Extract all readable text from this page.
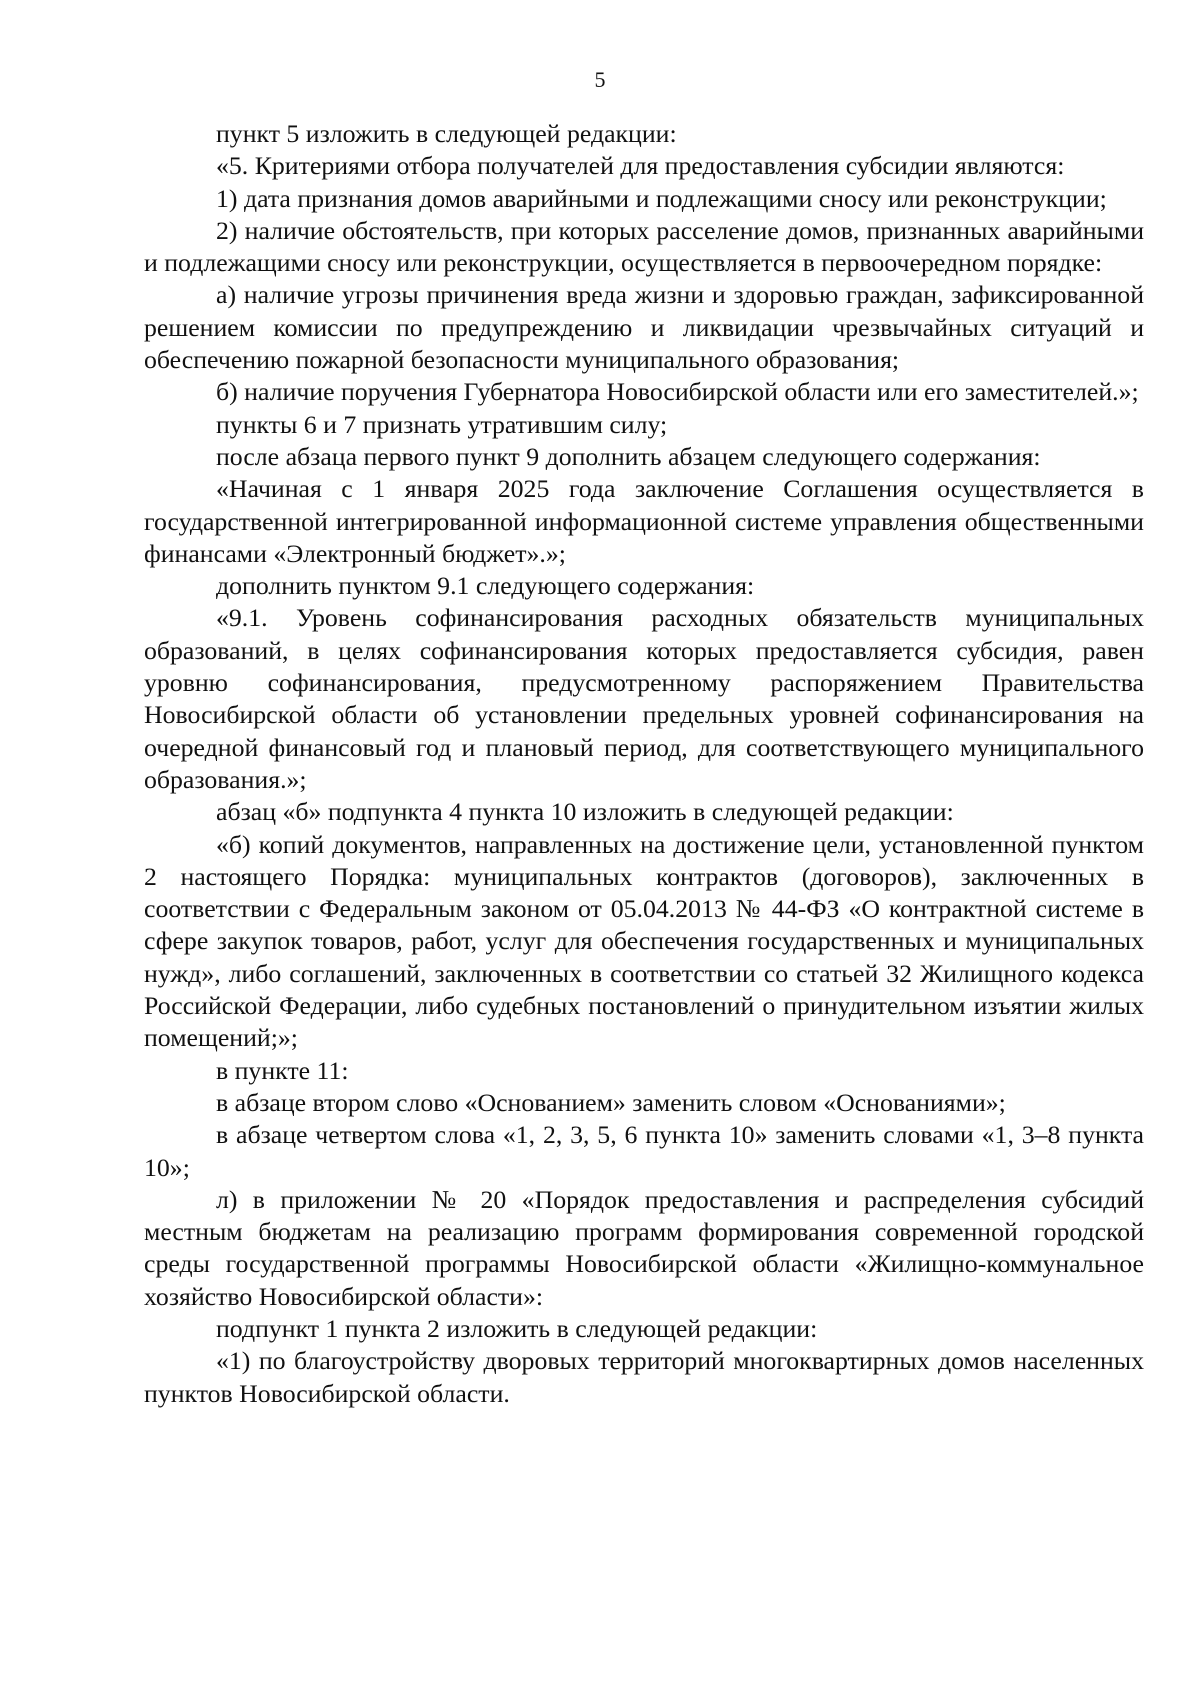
5

пункт 5 изложить в следующей редакции:

«5. Критериями отбора получателей для предоставления субсидии являются:

1) дата признания домов аварийными и подлежащими сносу или реконструкции;

2) наличие обстоятельств, при которых расселение домов, признанных аварийными и подлежащими сносу или реконструкции, осуществляется в первоочередном порядке:

а) наличие угрозы причинения вреда жизни и здоровью граждан, зафиксированной решением комиссии по предупреждению и ликвидации чрезвычайных ситуаций и обеспечению пожарной безопасности муниципального образования;

б) наличие поручения Губернатора Новосибирской области или его заместителей.»;

пункты 6 и 7 признать утратившим силу;

после абзаца первого пункт 9 дополнить абзацем следующего содержания:

«Начиная с 1 января 2025 года заключение Соглашения осуществляется в государственной интегрированной информационной системе управления общественными финансами «Электронный бюджет».»;

дополнить пунктом 9.1 следующего содержания:

«9.1. Уровень софинансирования расходных обязательств муниципальных образований, в целях софинансирования которых предоставляется субсидия, равен уровню софинансирования, предусмотренному распоряжением Правительства Новосибирской области об установлении предельных уровней софинансирования на очередной финансовый год и плановый период, для соответствующего муниципального образования.»;

абзац «б» подпункта 4 пункта 10 изложить в следующей редакции:

«б) копий документов, направленных на достижение цели, установленной пунктом 2 настоящего Порядка: муниципальных контрактов (договоров), заключенных в соответствии с Федеральным законом от 05.04.2013 № 44-ФЗ «О контрактной системе в сфере закупок товаров, работ, услуг для обеспечения государственных и муниципальных нужд», либо соглашений, заключенных в соответствии со статьей 32 Жилищного кодекса Российской Федерации, либо судебных постановлений о принудительном изъятии жилых помещений;»;

в пункте 11:

в абзаце втором слово «Основанием» заменить словом «Основаниями»;

в абзаце четвертом слова «1, 2, 3, 5, 6 пункта 10» заменить словами «1, 3–8 пункта 10»;

л) в приложении № 20 «Порядок предоставления и распределения субсидий местным бюджетам на реализацию программ формирования современной городской среды государственной программы Новосибирской области «Жилищно-коммунальное хозяйство Новосибирской области»:

подпункт 1 пункта 2 изложить в следующей редакции:

«1) по благоустройству дворовых территорий многоквартирных домов населенных пунктов Новосибирской области.
